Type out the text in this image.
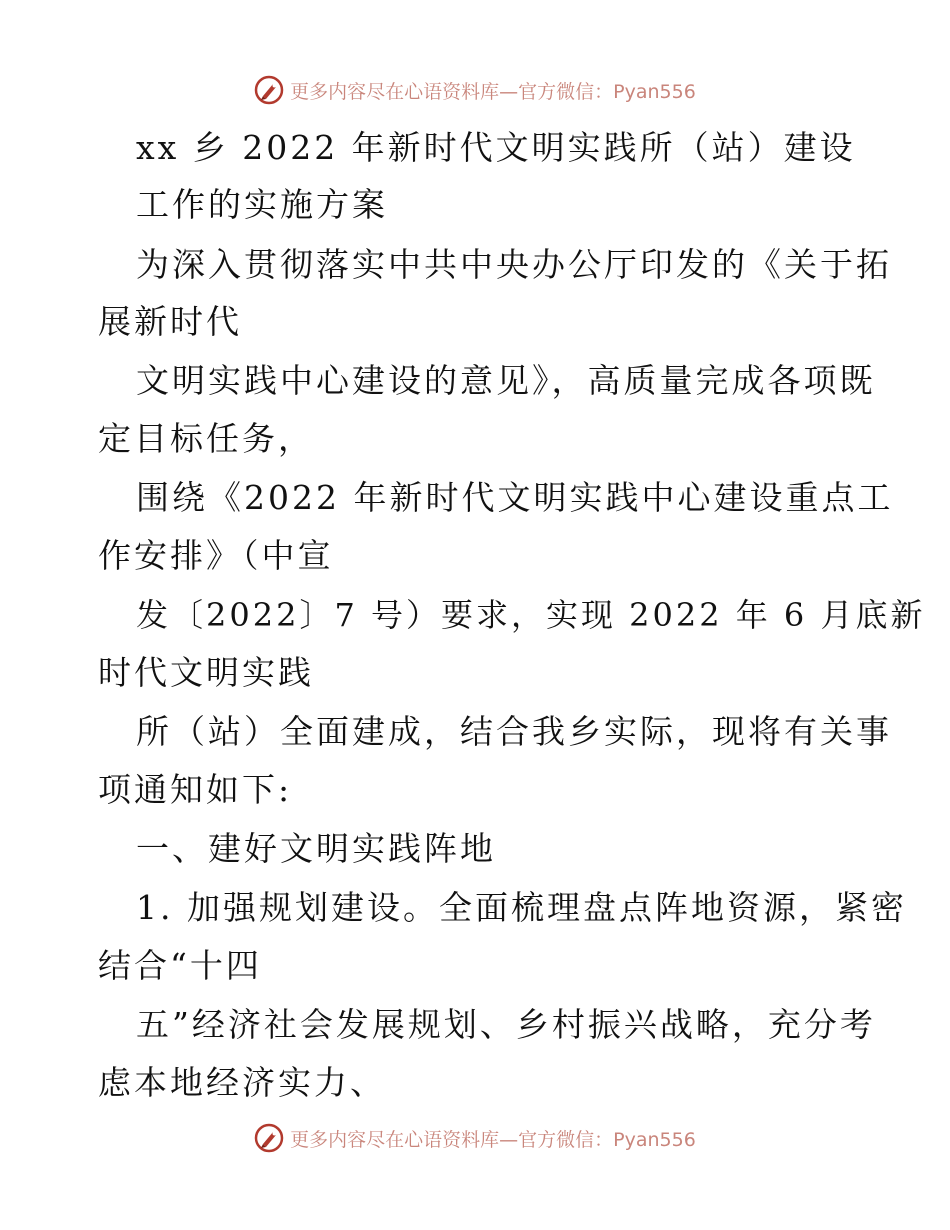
更多内容尽在心语资料库—官方微信：Pyan556
xx 乡 2022 年新时代文明实践所（站）建设
工作的实施方案
为深入贯彻落实中共中央办公厅印发的《关于拓
展新时代
文明实践中心建设的意见》，高质量完成各项既
定目标任务，
围绕《2022 年新时代文明实践中心建设重点工
作安排》（中宣
发〔2022〕7 号）要求，实现 2022 年 6 月底新
时代文明实践
所（站）全面建成，结合我乡实际，现将有关事
项通知如下:
一、建好文明实践阵地
1. 加强规划建设。全面梳理盘点阵地资源，紧密
结合“十四
五”经济社会发展规划、乡村振兴战略，充分考
虑本地经济实力、
更多内容尽在心语资料库—官方微信：Pyan556
